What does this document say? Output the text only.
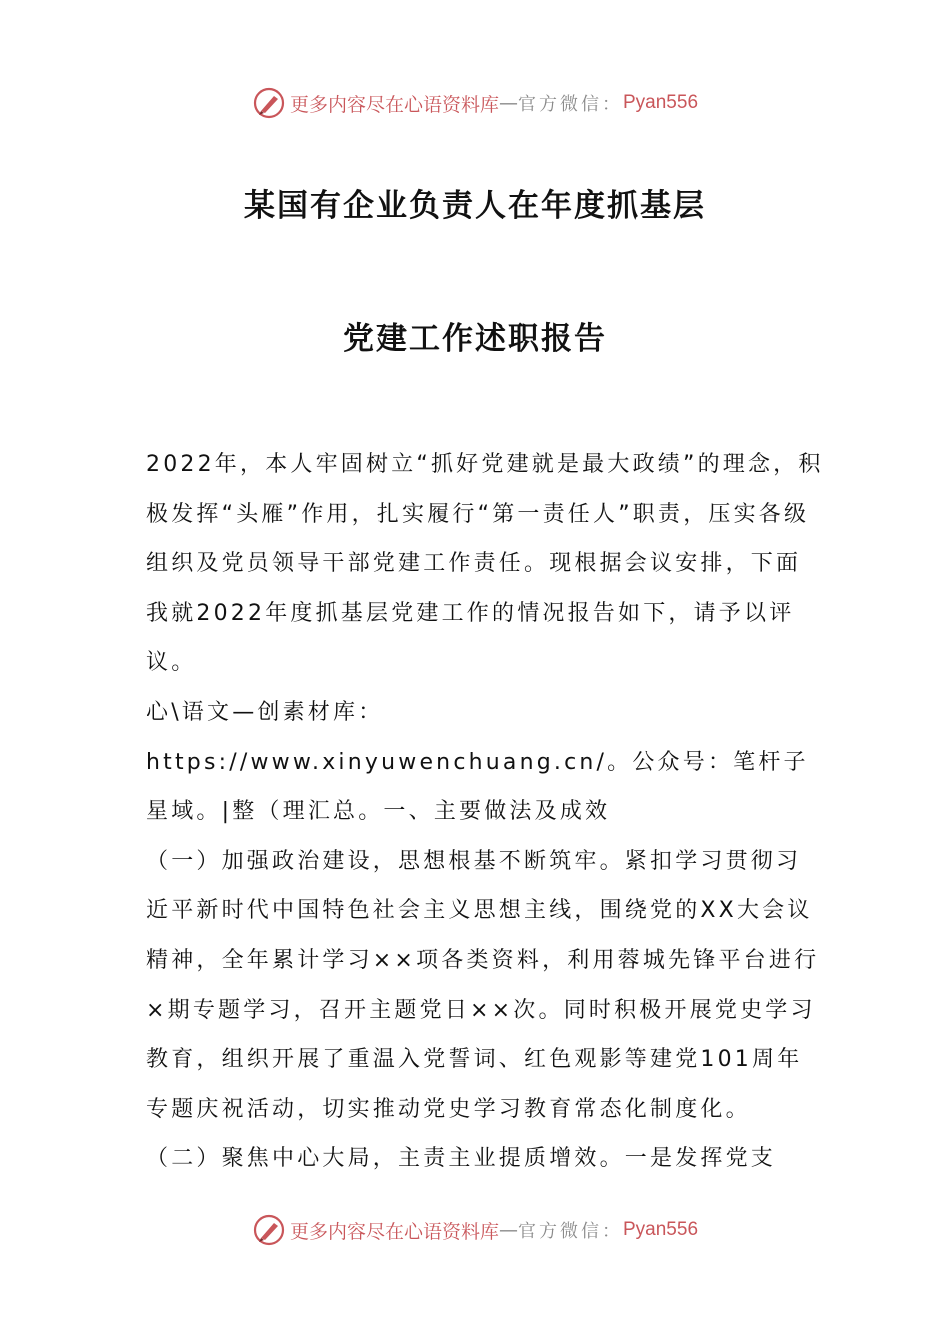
更多内容尽在心语资料库 — 官方微信： Pyan556
某国有企业负责人在年度抓基层
党建工作述职报告

2022年，本人牢固树立“抓好党建就是最大政绩”的理念，积极发挥“头雁”作用，扎实履行“第一责任人”职责，压实各级组织及党员领导干部党建工作责任。现根据会议安排，下面我就2022年度抓基层党建工作的情况报告如下，请予以评议。

心\语文—创素材库：https://www.xinyuwenchuang.cn/。公众号：笔杆子星域。|整（理汇总。一、主要做法及成效

（一）加强政治建设，思想根基不断筑牢。紧扣学习贯彻习近平新时代中国特色社会主义思想主线，围绕党的XX大会议精神，全年累计学习××项各类资料，利用蓉城先锋平台进行×期专题学习，召开主题党日××次。同时积极开展党史学习教育，组织开展了重温入党誓词、红色观影等建党101周年专题庆祝活动，切实推动党史学习教育常态化制度化。

（二）聚焦中心大局，主责主业提质增效。一是发挥党支

更多内容尽在心语资料库 — 官方微信： Pyan556
